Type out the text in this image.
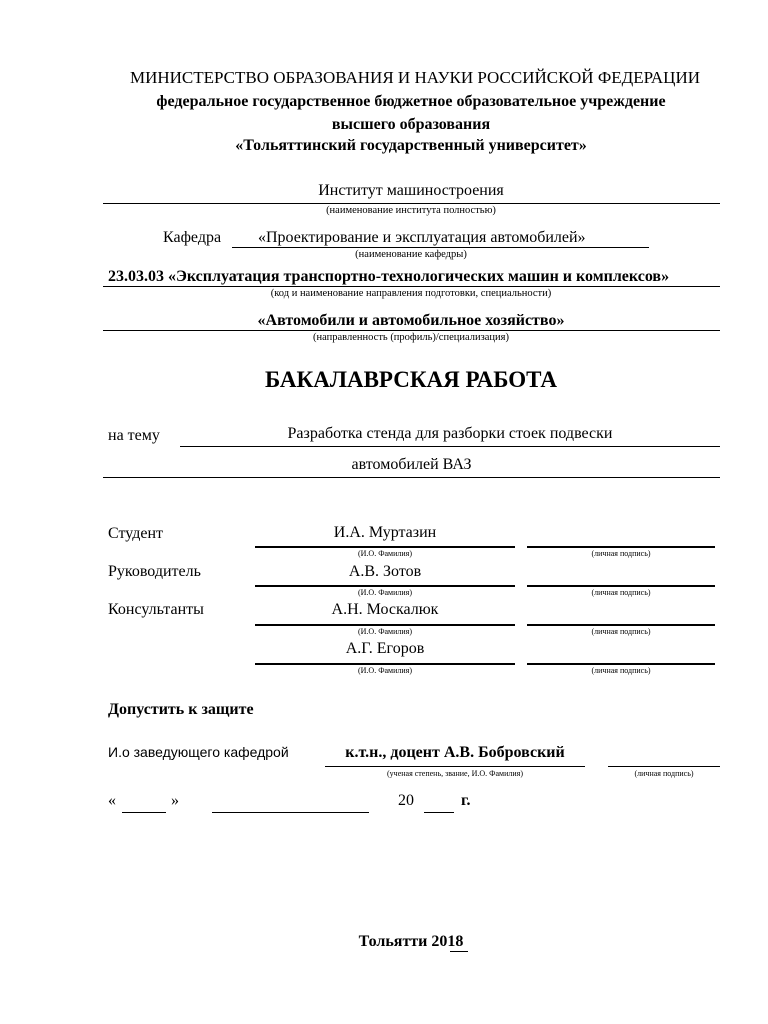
МИНИСТЕРСТВО ОБРАЗОВАНИЯ И НАУКИ РОССИЙСКОЙ ФЕДЕРАЦИИ
федеральное государственное бюджетное образовательное учреждение
высшего образования
«Тольяттинский государственный университет»
Институт машиностроения
(наименование института полностью)
Кафедра «Проектирование и эксплуатация автомобилей»
(наименование кафедры)
23.03.03 «Эксплуатация транспортно-технологических машин и комплексов»
(код и наименование направления подготовки, специальности)
«Автомобили и автомобильное хозяйство»
(направленность (профиль)/специализация)
БАКАЛАВРСКАЯ РАБОТА
на тему	Разработка стенда для разборки стоек подвески
автомобилей ВАЗ
Студент	И.А. Муртазин
(И.О. Фамилия)	(личная подпись)
Руководитель	А.В. Зотов
(И.О. Фамилия)	(личная подпись)
Консультанты	А.Н. Москалюк
(И.О. Фамилия)	(личная подпись)
А.Г. Егоров
(И.О. Фамилия)	(личная подпись)
Допустить к защите
И.о заведующего кафедрой	к.т.н., доцент А.В. Бобровский
(ученая степень, звание, И.О. Фамилия)	(личная подпись)
«	»	20	г.
Тольятти 2018
